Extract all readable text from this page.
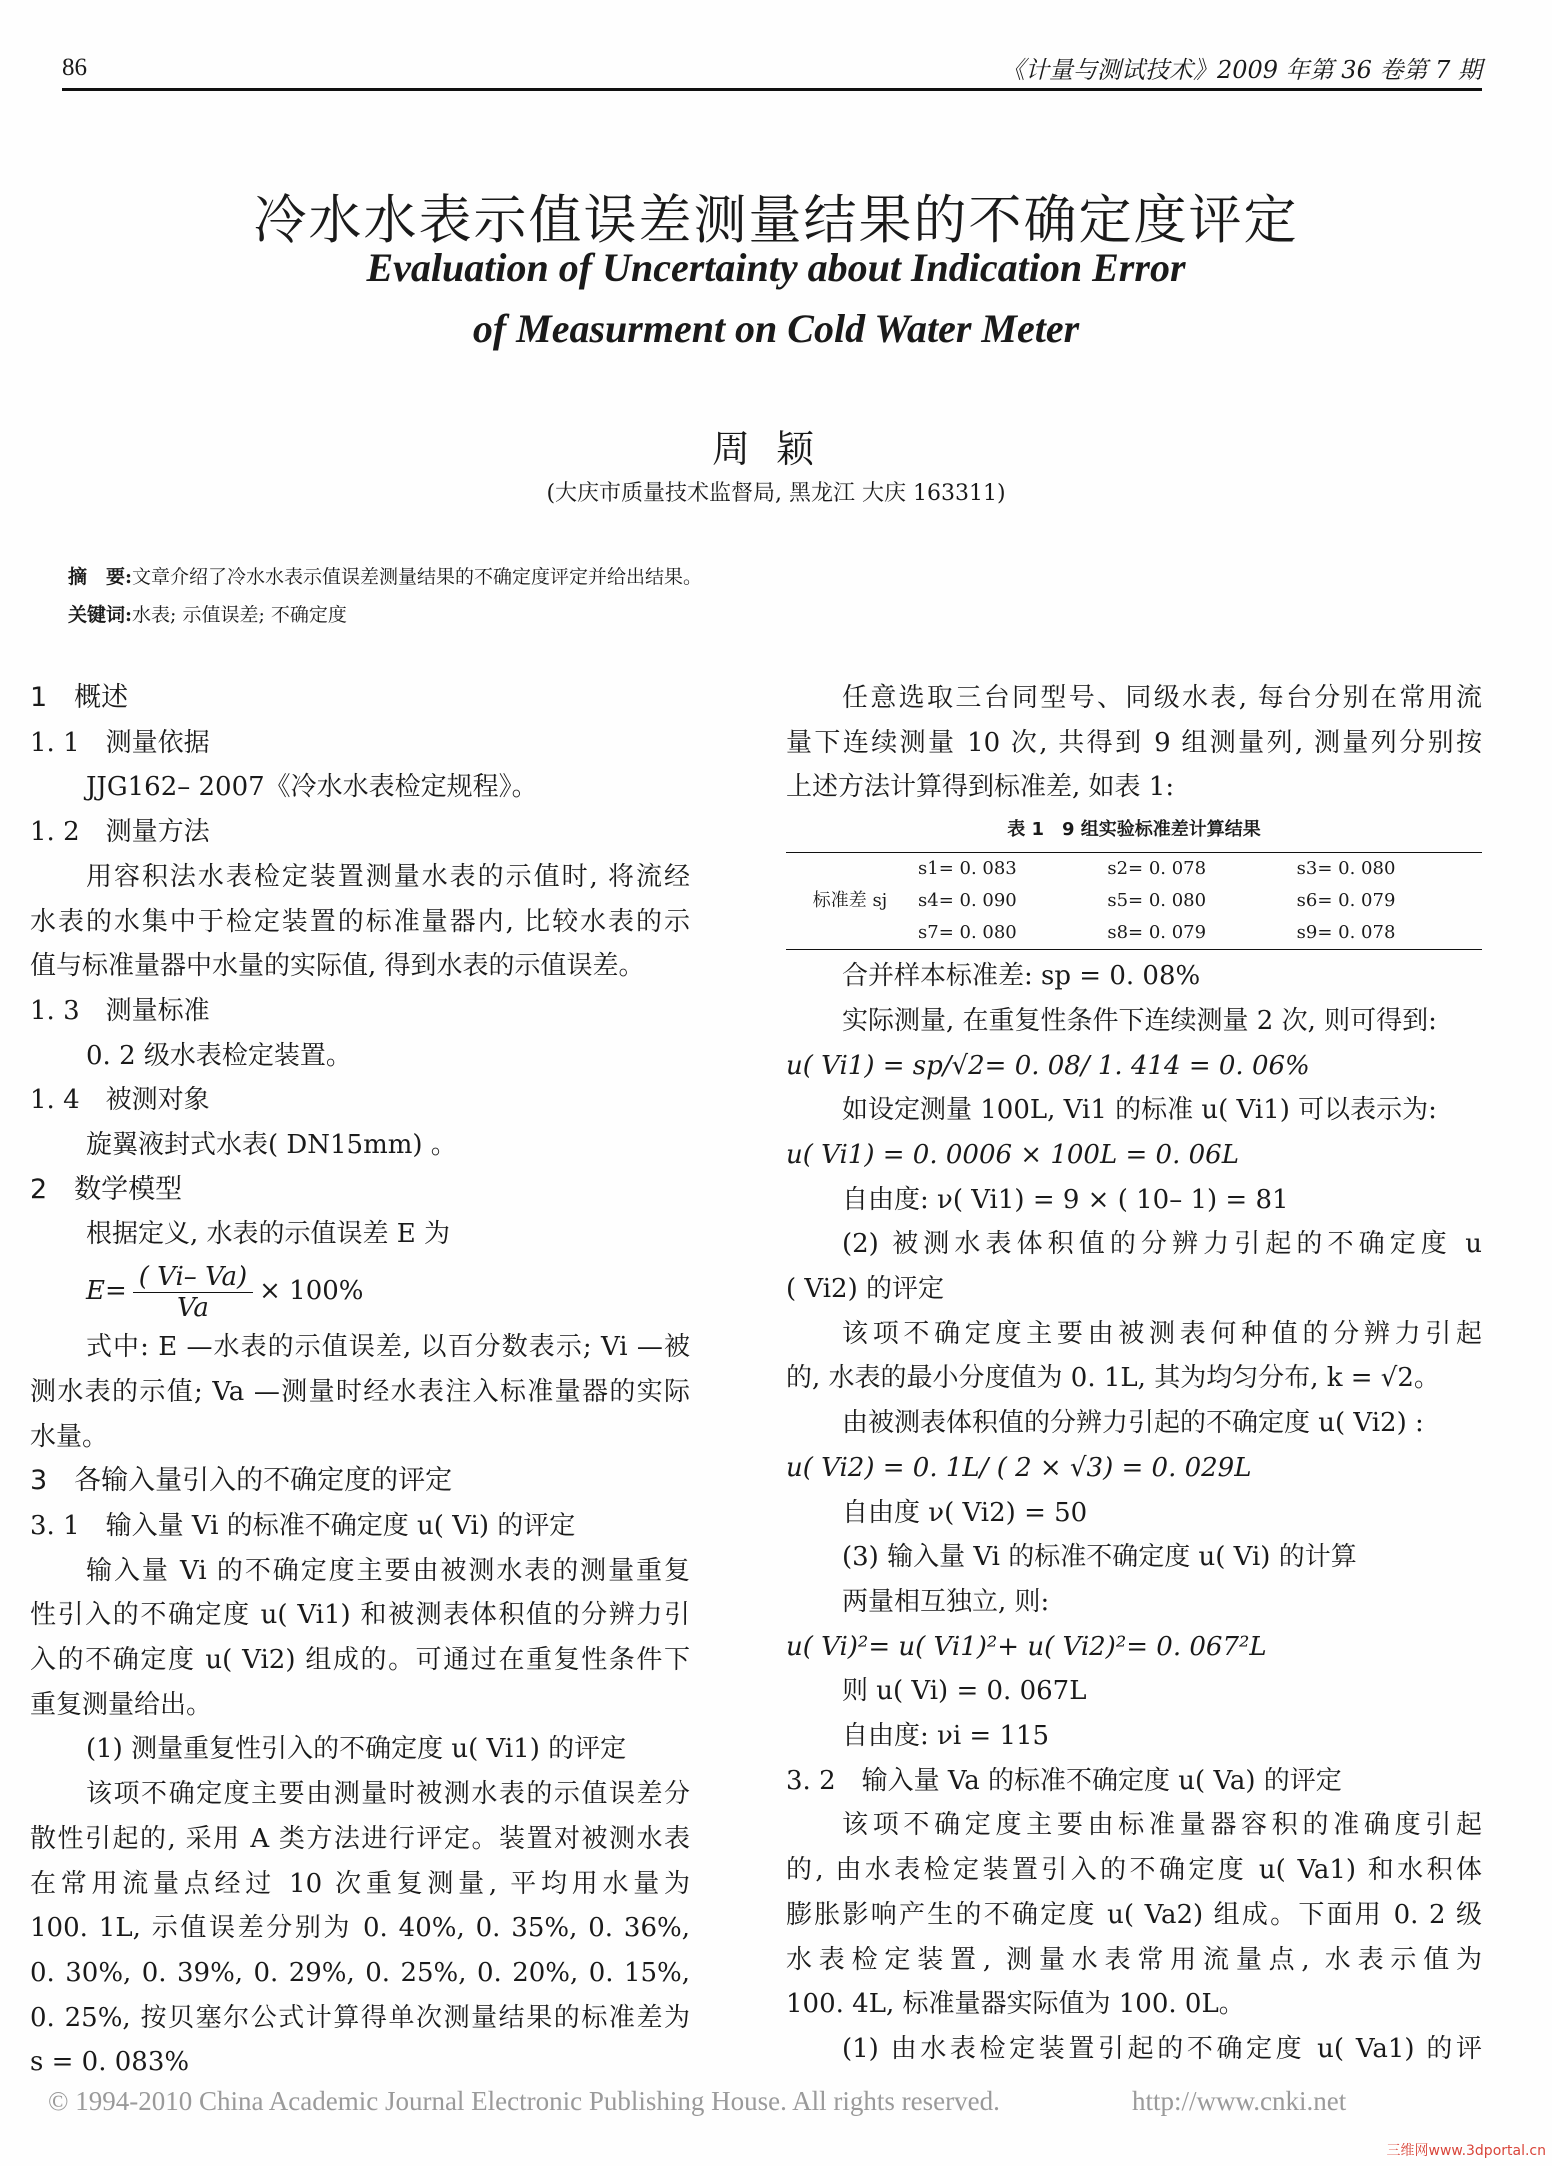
86	《计量与测试技术》2009 年第 36 卷第 7 期
冷水水表示值误差测量结果的不确定度评定
Evaluation of Uncertainty about Indication Error
of Measurment on Cold Water Meter
周颖
(大庆市质量技术监督局, 黑龙江 大庆 163311)
摘　要:文章介绍了冷水水表示值误差测量结果的不确定度评定并给出结果。
关键词:水表; 示值误差; 不确定度

1　概述

1. 1　测量依据

JJG162– 2007《冷水水表检定规程》。

1. 2　测量方法

用容积法水表检定装置测量水表的示值时, 将流经

水表的水集中于检定装置的标准量器内, 比较水表的示

值与标准量器中水量的实际值, 得到水表的示值误差。

1. 3　测量标准

0. 2 级水表检定装置。

1. 4　被测对象

旋翼液封式水表( DN15mm) 。

2　数学模型

根据定义, 水表的示值误差 E 为

$E= \frac{( Vi- Va)}{Va} \times 100\%$

式中: E —水表的示值误差, 以百分数表示; Vi —被

测水表的示值; Va —测量时经水表注入标准量器的实际

水量。

3　各输入量引入的不确定度的评定

3. 1　输入量 Vi 的标准不确定度 u( Vi) 的评定

输入量 Vi 的不确定度主要由被测水表的测量重复

性引入的不确定度 u( Vi1) 和被测表体积值的分辨力引

入的不确定度 u( Vi2) 组成的。可通过在重复性条件下

重复测量给出。

(1) 测量重复性引入的不确定度 u( Vi1) 的评定

该项不确定度主要由测量时被测水表的示值误差分

散性引起的, 采用 A 类方法进行评定。装置对被测水表

在常用流量点经过 10 次重复测量, 平均用水量为

100. 1L, 示值误差分别为 0. 40%, 0. 35%, 0. 36%,

0. 30%, 0. 39%, 0. 29%, 0. 25%, 0. 20%, 0. 15%,

0. 25%, 按贝塞尔公式计算得单次测量结果的标准差为

s = 0. 083%

任意选取三台同型号、同级水表, 每台分别在常用流

量下连续测量 10 次, 共得到 9 组测量列, 测量列分别按

上述方法计算得到标准差, 如表 1:

表 1　9 组实验标准差计算结果
标准差 sj	s1= 0. 083	s2= 0. 078	s3= 0. 080
	s4= 0. 090	s5= 0. 080	s6= 0. 079
	s7= 0. 080	s8= 0. 079	s9= 0. 078

合并样本标准差: sp = 0. 08%

实际测量, 在重复性条件下连续测量 2 次, 则可得到:

u( Vi1) = sp/√2= 0. 08/ 1. 414 = 0. 06%

如设定测量 100L, Vi1 的标准 u( Vi1) 可以表示为:

u( Vi1) = 0. 0006 × 100L = 0. 06L

自由度: ν( Vi1) = 9 × ( 10– 1) = 81

(2) 被测水表体积值的分辨力引起的不确定度 u

( Vi2) 的评定

该项不确定度主要由被测表何种值的分辨力引起

的, 水表的最小分度值为 0. 1L, 其为均匀分布, k = √2。

由被测表体积值的分辨力引起的不确定度 u( Vi2) :

u( Vi2) = 0. 1L/ ( 2 × √3) = 0. 029L

自由度 ν( Vi2) = 50

(3) 输入量 Vi 的标准不确定度 u( Vi) 的计算

两量相互独立, 则:

u( Vi)²= u( Vi1)²+ u( Vi2)²= 0. 067²L

则 u( Vi) = 0. 067L

自由度: νi = 115

3. 2　输入量 Va 的标准不确定度 u( Va) 的评定

该项不确定度主要由标准量器容积的准确度引起

的, 由水表检定装置引入的不确定度 u( Va1) 和水积体

膨胀影响产生的不确定度 u( Va2) 组成。下面用 0. 2 级

水表检定装置, 测量水表常用流量点, 水表示值为

100. 4L, 标准量器实际值为 100. 0L。

(1) 由水表检定装置引起的不确定度 u( Va1) 的评

© 1994-2010 China Academic Journal Electronic Publishing House. All rights reserved.	http://www.cnki.net
三维网www.3dportal.cn
